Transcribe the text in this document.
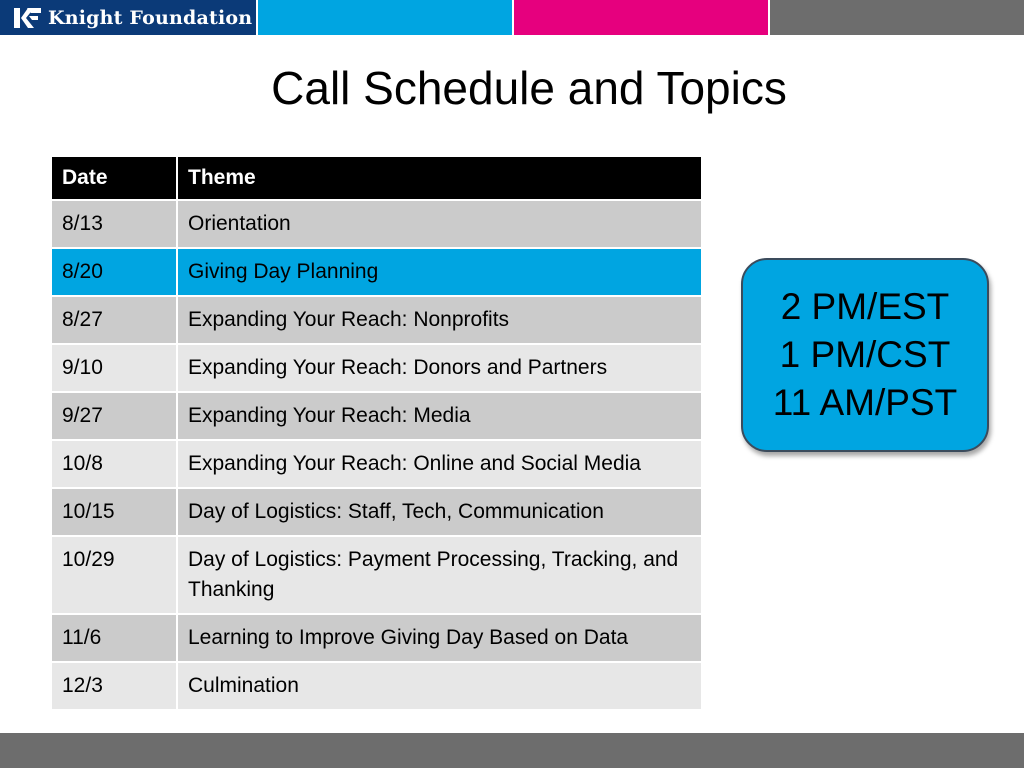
Knight Foundation
Call Schedule and Topics
Date	Theme
8/13	Orientation
8/20	Giving Day Planning
8/27	Expanding Your Reach: Nonprofits
9/10	Expanding Your Reach: Donors and Partners
9/27	Expanding Your Reach: Media
10/8	Expanding Your Reach: Online and Social Media
10/15	Day of Logistics: Staff, Tech, Communication
10/29	Day of Logistics: Payment Processing, Tracking, and Thanking
11/6	Learning to Improve Giving Day Based on Data
12/3	Culmination
2 PM/EST
1 PM/CST
11 AM/PST
